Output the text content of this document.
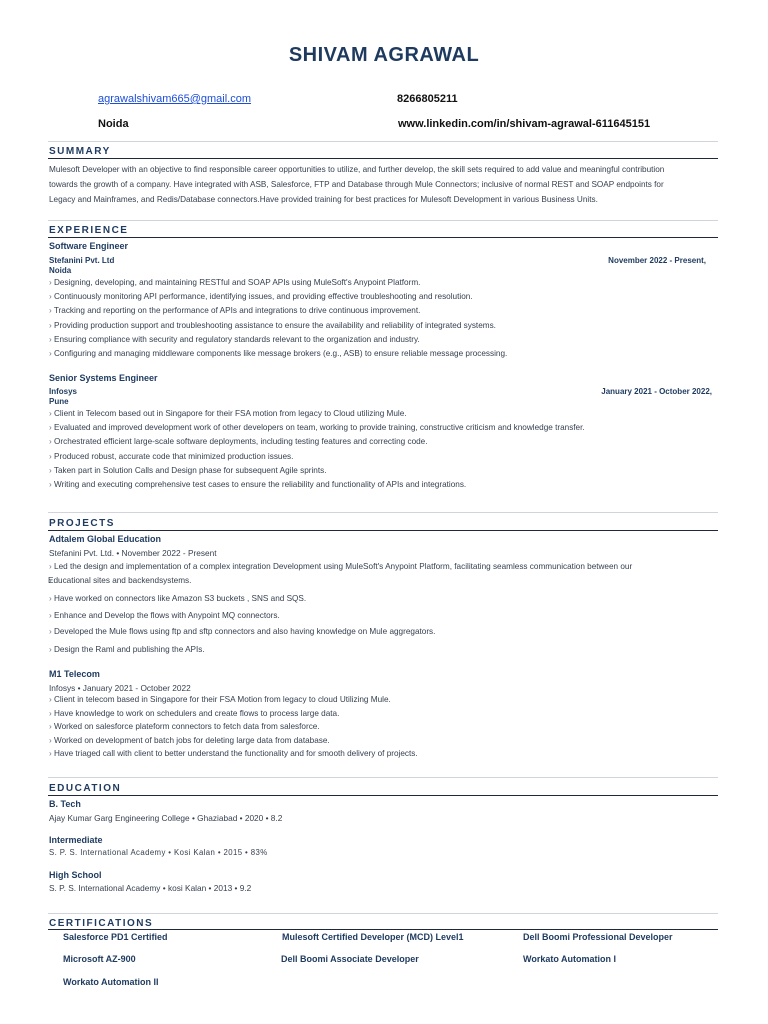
SHIVAM AGRAWAL
agrawalshivam665@gmail.com	8266805211
Noida	www.linkedin.com/in/shivam-agrawal-611645151
SUMMARY
Mulesoft Developer with an objective to find responsible career opportunities to utilize, and further develop, the skill sets required to add value and meaningful contribution
towards the growth of a company. Have integrated with ASB, Salesforce, FTP and Database through Mule Connectors; inclusive of normal REST and SOAP endpoints for
Legacy and Mainframes, and Redis/Database connectors.Have provided training for best practices for Mulesoft Development in various Business Units.
EXPERIENCE
Software Engineer
Stefanini Pvt. Ltd	November 2022 - Present,
Noida
› Designing, developing, and maintaining RESTful and SOAP APIs using MuleSoft's Anypoint Platform.
› Continuously monitoring API performance, identifying issues, and providing effective troubleshooting and resolution.
› Tracking and reporting on the performance of APIs and integrations to drive continuous improvement.
› Providing production support and troubleshooting assistance to ensure the availability and reliability of integrated systems.
› Ensuring compliance with security and regulatory standards relevant to the organization and industry.
› Configuring and managing middleware components like message brokers (e.g., ASB) to ensure reliable message processing.
Senior Systems Engineer
Infosys	January 2021 - October 2022,
Pune
› Client in Telecom based out in Singapore for their FSA motion from legacy to Cloud utilizing Mule.
› Evaluated and improved development work of other developers on team, working to provide training, constructive criticism and knowledge transfer.
› Orchestrated efficient large-scale software deployments, including testing features and correcting code.
› Produced robust, accurate code that minimized production issues.
› Taken part in Solution Calls and Design phase for subsequent Agile sprints.
› Writing and executing comprehensive test cases to ensure the reliability and functionality of APIs and integrations.
PROJECTS
Adtalem Global Education
Stefanini Pvt. Ltd. • November 2022 - Present
› Led the design and implementation of a complex integration Development using MuleSoft's Anypoint Platform, facilitating seamless communication between our
› Educational sites and backendsystems.
› Have worked on connectors like Amazon S3 buckets , SNS and SQS.
› Enhance and Develop the flows with Anypoint MQ connectors.
› Developed the Mule flows using ftp and sftp connectors and also having knowledge on Mule aggregators.
› Design the Raml and publishing the APIs.
M1 Telecom
Infosys • January 2021 - October 2022
› Client in telecom based in Singapore for their FSA Motion from legacy to cloud Utilizing Mule.
› Have knowledge to work on schedulers and create flows to process large data.
› Worked on salesforce plateform connectors to fetch data from salesforce.
› Worked on development of batch jobs for deleting large data from database.
› Have triaged call with client to better understand the functionality and for smooth delivery of projects.
EDUCATION
B. Tech
Ajay Kumar Garg Engineering College • Ghaziabad • 2020 • 8.2
Intermediate
S. P. S. International Academy • Kosi Kalan • 2015 • 83%
High School
S. P. S. International Academy • kosi Kalan • 2013 • 9.2
CERTIFICATIONS
Salesforce PD1 Certified	Mulesoft Certified Developer (MCD) Level1	Dell Boomi Professional Developer
Microsoft AZ-900	Dell Boomi Associate Developer	Workato Automation I
Workato Automation II
